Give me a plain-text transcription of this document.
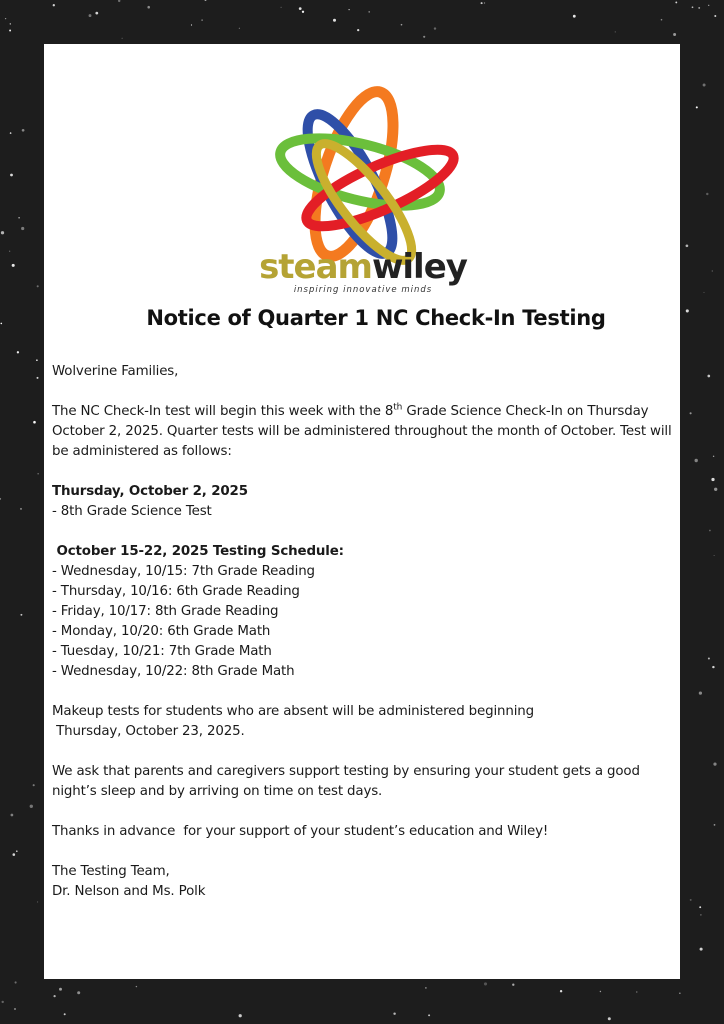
steamwiley
inspiring innovative minds
Notice of Quarter 1 NC Check-In Testing

Wolverine Families,

The NC Check-In test will begin this week with the 8th Grade Science Check-In on Thursday October 2, 2025. Quarter tests will be administered throughout the month of October. Test will be administered as follows:

Thursday, October 2, 2025

- 8th Grade Science Test

October 15-22, 2025 Testing Schedule:

- Wednesday, 10/15: 7th Grade Reading

- Thursday, 10/16: 6th Grade Reading

- Friday, 10/17: 8th Grade Reading

- Monday, 10/20: 6th Grade Math

- Tuesday, 10/21: 7th Grade Math

- Wednesday, 10/22: 8th Grade Math

Makeup tests for students who are absent will be administered beginning

Thursday, October 23, 2025.

We ask that parents and caregivers support testing by ensuring your student gets a good night’s sleep and by arriving on time on test days.

Thanks in advance  for your support of your student’s education and Wiley!

The Testing Team,

Dr. Nelson and Ms. Polk
